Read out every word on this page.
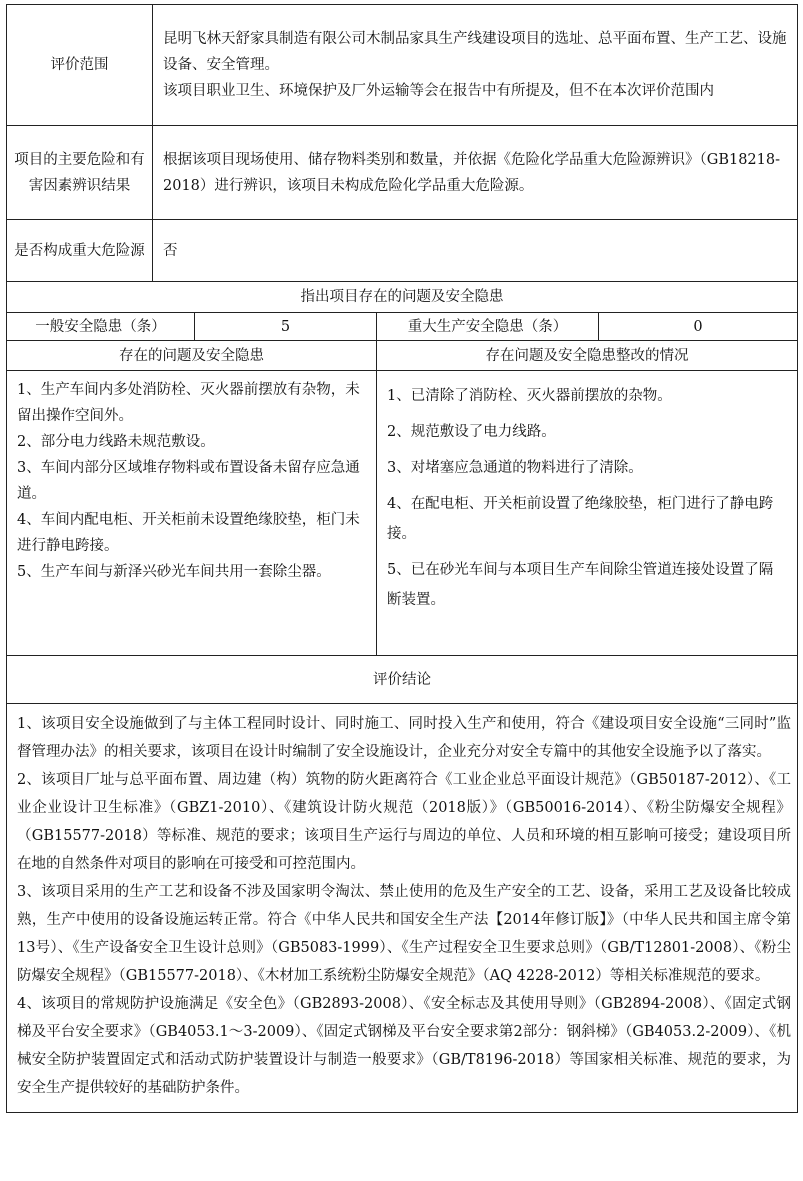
评价范围	昆明飞林天舒家具制造有限公司木制品家具生产线建设项目的选址、总平面布置、生产工艺、设施设备、安全管理。
该项目职业卫生、环境保护及厂外运输等会在报告中有所提及，但不在本次评价范围内			

项目的主要危险和有害因素辨识结果	根据该项目现场使用、储存物料类别和数量，并依据《危险化学品重大危险源辨识》（GB18218-2018）进行辨识，该项目未构成危险化学品重大危险源。			
是否构成重大危险源	否			
指出项目存在的问题及安全隐患				
一般安全隐患（条）		5	重大生产安全隐患（条）	0
存在的问题及安全隐患			存在问题及安全隐患整改的情况	

1、生产车间内多处消防栓、灭火器前摆放有杂物，未留出操作空间外。
2、部分电力线路未规范敷设。
3、车间内部分区域堆存物料或布置设备未留存应急通道。
4、车间内配电柜、开关柜前未设置绝缘胶垫，柜门未进行静电跨接。
5、生产车间与新泽兴砂光车间共用一套除尘器。			1、已清除了消防栓、灭火器前摆放的杂物。
2、规范敷设了电力线路。
3、对堵塞应急通道的物料进行了清除。
4、在配电柜、开关柜前设置了绝缘胶垫，柜门进行了静电跨接。
5、已在砂光车间与本项目生产车间除尘管道连接处设置了隔断装置。	

评价结论				

1、该项目安全设施做到了与主体工程同时设计、同时施工、同时投入生产和使用，符合《建设项目安全设施“三同时”监督管理办法》的相关要求，该项目在设计时编制了安全设施设计，企业充分对安全专篇中的其他安全设施予以了落实。
2、该项目厂址与总平面布置、周边建（构）筑物的防火距离符合《工业企业总平面设计规范》（GB50187-2012）、《工业企业设计卫生标准》（GBZ1-2010）、《建筑设计防火规范（2018版）》（GB50016-2014）、《粉尘防爆安全规程》（GB15577-2018）等标准、规范的要求；该项目生产运行与周边的单位、人员和环境的相互影响可接受；建设项目所在地的自然条件对项目的影响在可接受和可控范围内。
3、该项目采用的生产工艺和设备不涉及国家明令淘汰、禁止使用的危及生产安全的工艺、设备，采用工艺及设备比较成熟，生产中使用的设备设施运转正常。符合《中华人民共和国安全生产法【2014年修订版】》（中华人民共和国主席令第13号）、《生产设备安全卫生设计总则》（GB5083-1999）、《生产过程安全卫生要求总则》（GB/T12801-2008）、《粉尘防爆安全规程》（GB15577-2018）、《木材加工系统粉尘防爆安全规范》（AQ 4228-2012）等相关标准规范的要求。
4、该项目的常规防护设施满足《安全色》（GB2893-2008）、《安全标志及其使用导则》（GB2894-2008）、《固定式钢梯及平台安全要求》（GB4053.1～3-2009）、《固定式钢梯及平台安全要求第2部分：钢斜梯》（GB4053.2-2009）、《机械安全防护装置固定式和活动式防护装置设计与制造一般要求》（GB/T8196-2018）等国家相关标准、规范的要求，为安全生产提供较好的基础防护条件。				
